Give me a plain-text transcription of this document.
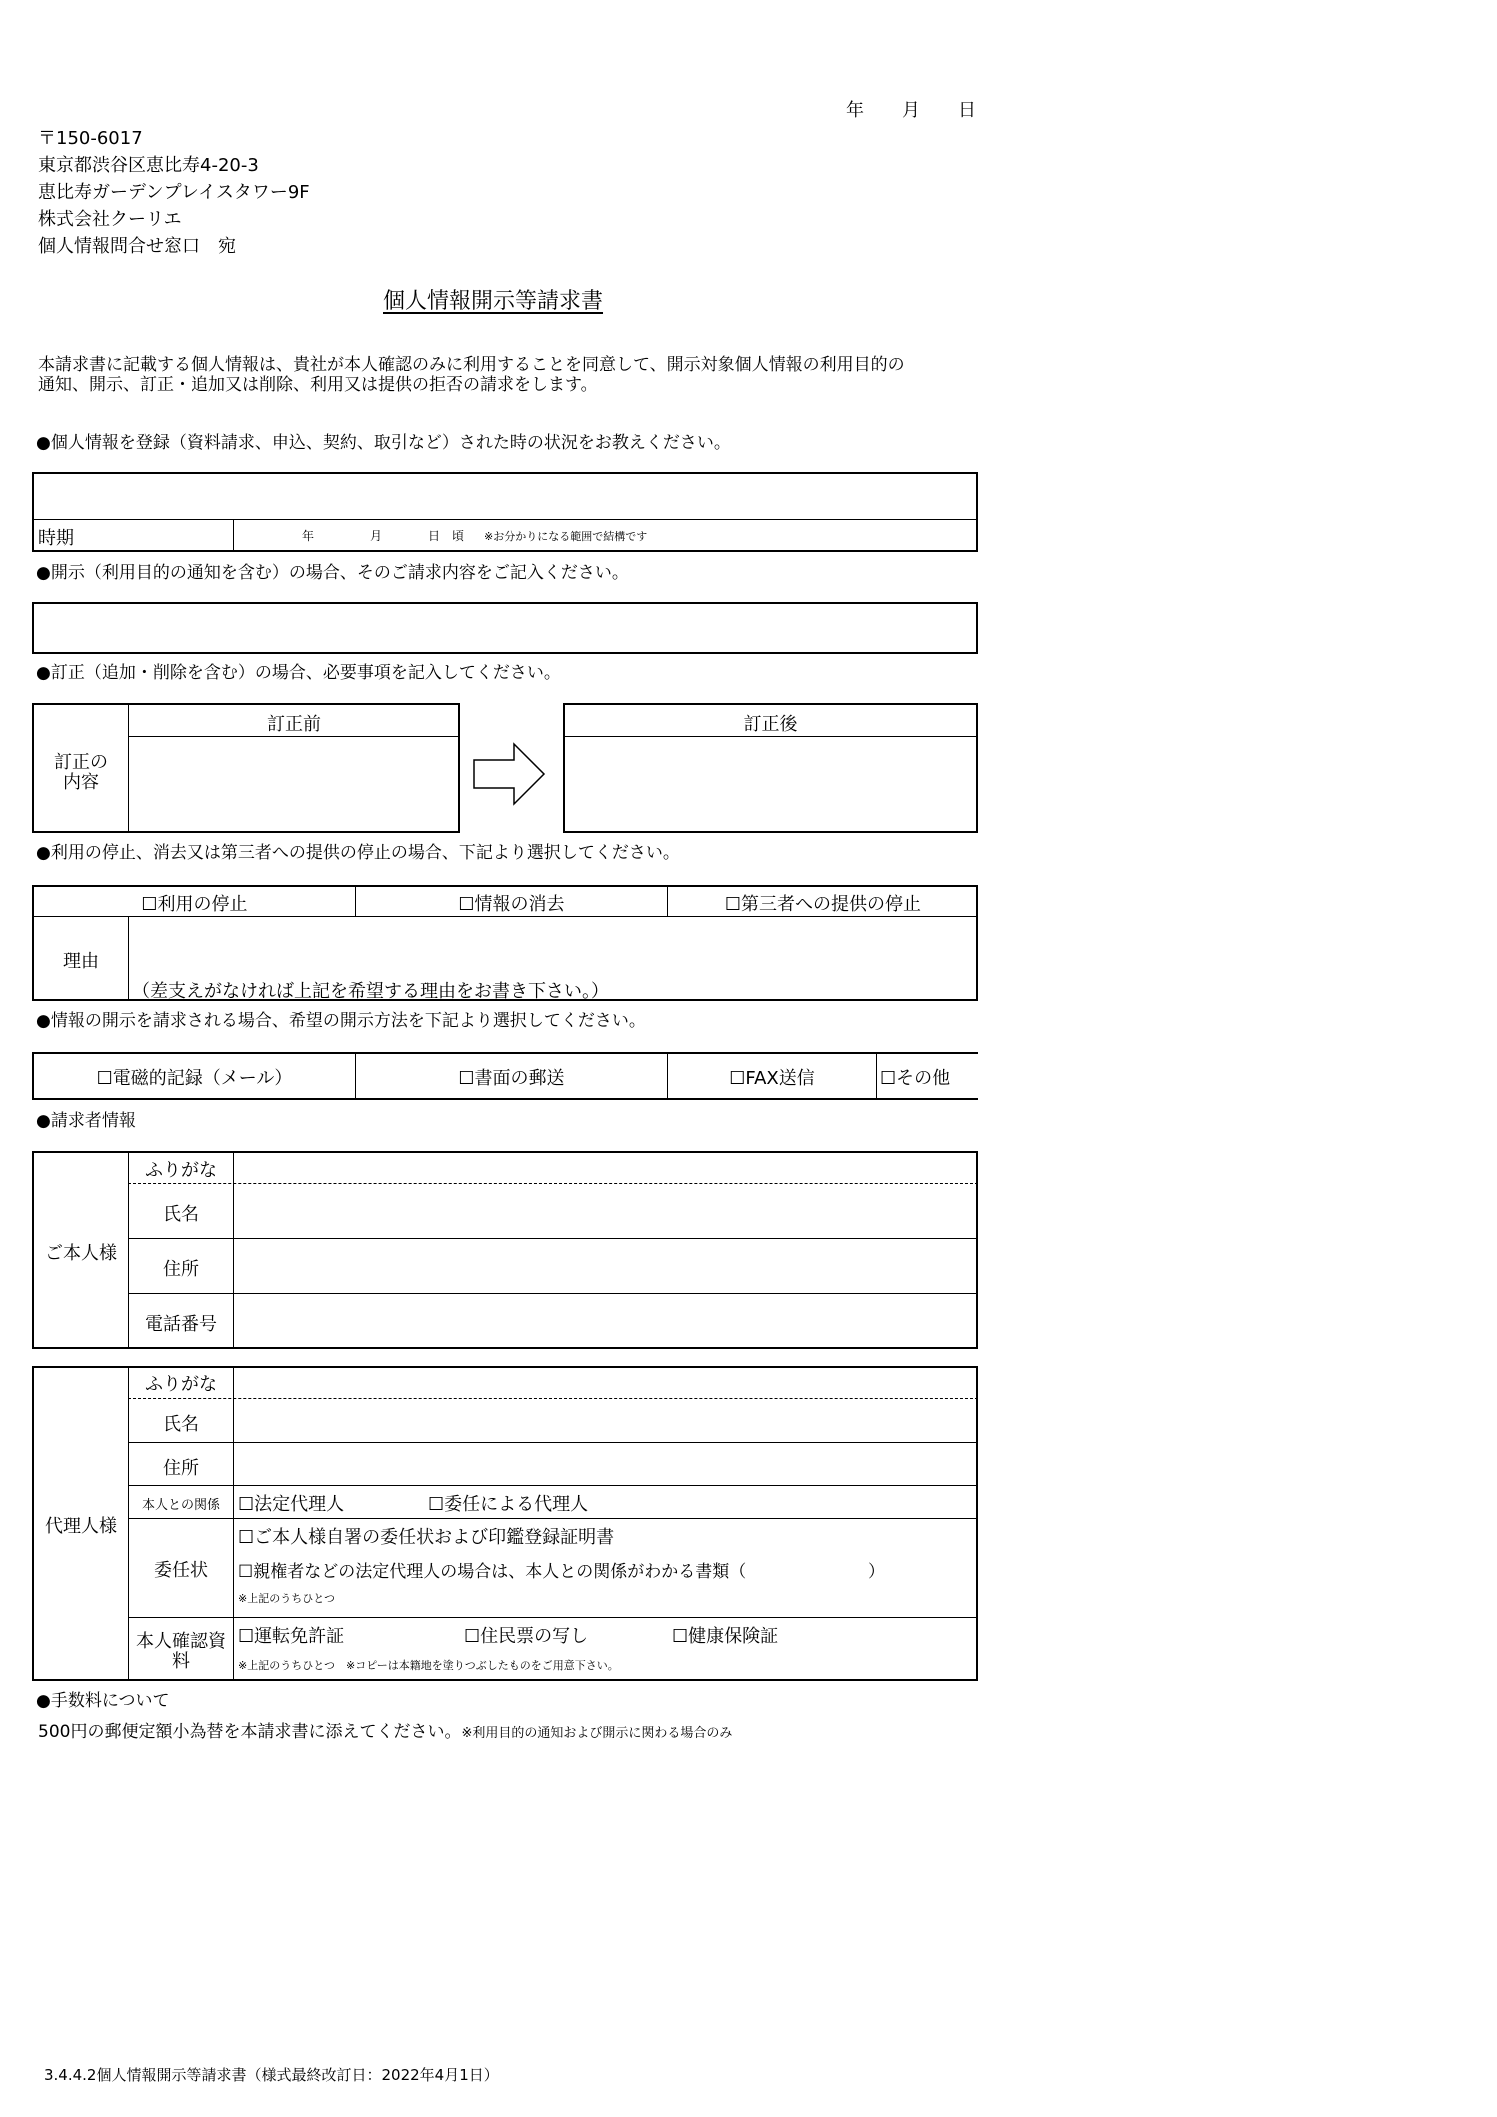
年 月 日
〒150-6017
東京都渋谷区恵比寿4-20-3
恵比寿ガーデンプレイスタワー9F
株式会社クーリエ
個人情報問合せ窓口　宛
個人情報開示等請求書
本請求書に記載する個人情報は、貴社が本人確認のみに利用することを同意して、開示対象個人情報の利用目的の
通知、開示、訂正・追加又は削除、利用又は提供の拒否の請求をします。
●個人情報を登録（資料請求、申込、契約、取引など）された時の状況をお教えください。
時期	年	月	日　頃 ※お分かりになる範囲で結構です
●開示（利用目的の通知を含む）の場合、そのご請求内容をご記入ください。
●訂正（追加・削除を含む）の場合、必要事項を記入してください。
訂正前
訂正の
内容
訂正後
●利用の停止、消去又は第三者への提供の停止の場合、下記より選択してください。
☐利用の停止	☐情報の消去	☐第三者への提供の停止
理由
（差支えがなければ上記を希望する理由をお書き下さい。）
●情報の開示を請求される場合、希望の開示方法を下記より選択してください。
☐電磁的記録（メール）	☐書面の郵送	☐FAX送信	☐その他
●請求者情報
ご本人様
ふりがな
氏名
住所
電話番号
代理人様
ふりがな
氏名
住所
本人との関係	☐法定代理人	☐委任による代理人
委任状
☐ご本人様自署の委任状および印鑑登録証明書
☐親権者などの法定代理人の場合は、本人との関係がわかる書類（	）
※上記のうちひとつ
本人確認資
料
☐運転免許証	☐住民票の写し	☐健康保険証
※上記のうちひとつ　※コピーは本籍地を塗りつぶしたものをご用意下さい。
●手数料について
500円の郵便定額小為替を本請求書に添えてください。※利用目的の通知および開示に関わる場合のみ
3.4.4.2個人情報開示等請求書（様式最終改訂日：2022年4月1日）
